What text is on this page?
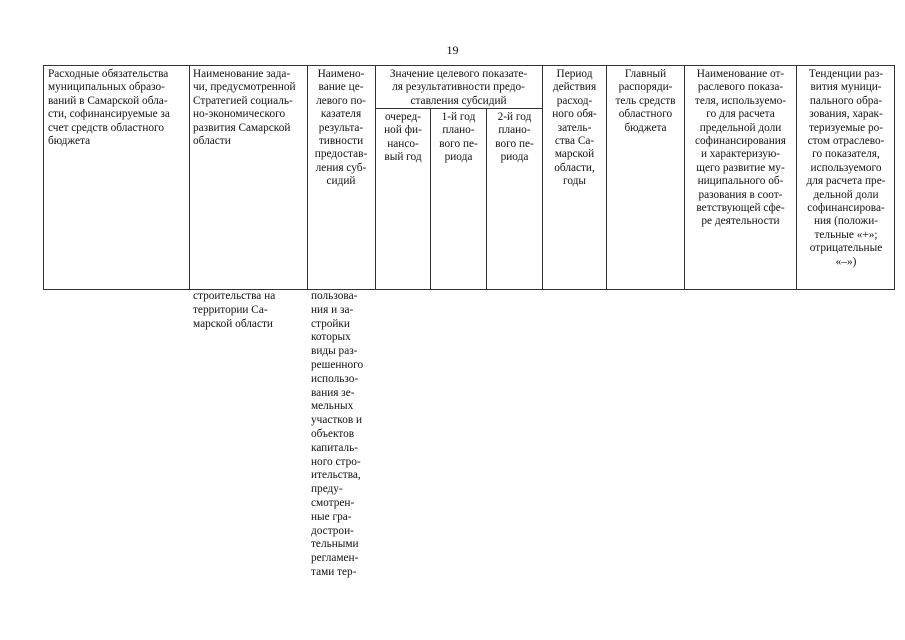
19
Расходные обязательства
муниципальных образо-
ваний в Самарской обла-
сти, софинансируемые за
счет средств областного
бюджета
Наименование зада-
чи, предусмотренной
Стратегией социаль-
но-экономического
развития Самарской
области
Наимено-
вание це-
левого по-
казателя
результа-
тивности
предостав-
ления суб-
сидий
Значение целевого показате-
ля результативности предо-
ставления субсидий
очеред-
ной фи-
нансо-
вый год
1-й год
плано-
вого пе-
риода
2-й год
плано-
вого пе-
риода
Период
действия
расход-
ного обя-
затель-
ства Са-
марской
области,
годы
Главный
распоряди-
тель средств
областного
бюджета
Наименование от-
раслевого показа-
теля, используемо-
го для расчета
предельной доли
софинансирования
и характеризую-
щего развитие му-
ниципального об-
разования в соот-
ветствующей сфе-
ре деятельности
Тенденции раз-
вития муници-
пального обра-
зования, харак-
теризуемые ро-
стом отраслево-
го показателя,
используемого
для расчета пре-
дельной доли
софинансирова-
ния (положи-
тельные «+»;
отрицательные
«–»)
строительства на
территории Са-
марской области
пользова-
ния и за-
стройки
которых
виды раз-
решенного
использо-
вания зе-
мельных
участков и
объектов
капиталь-
ного стро-
ительства,
преду-
смотрен-
ные гра-
дострои-
тельными
регламен-
тами тер-
